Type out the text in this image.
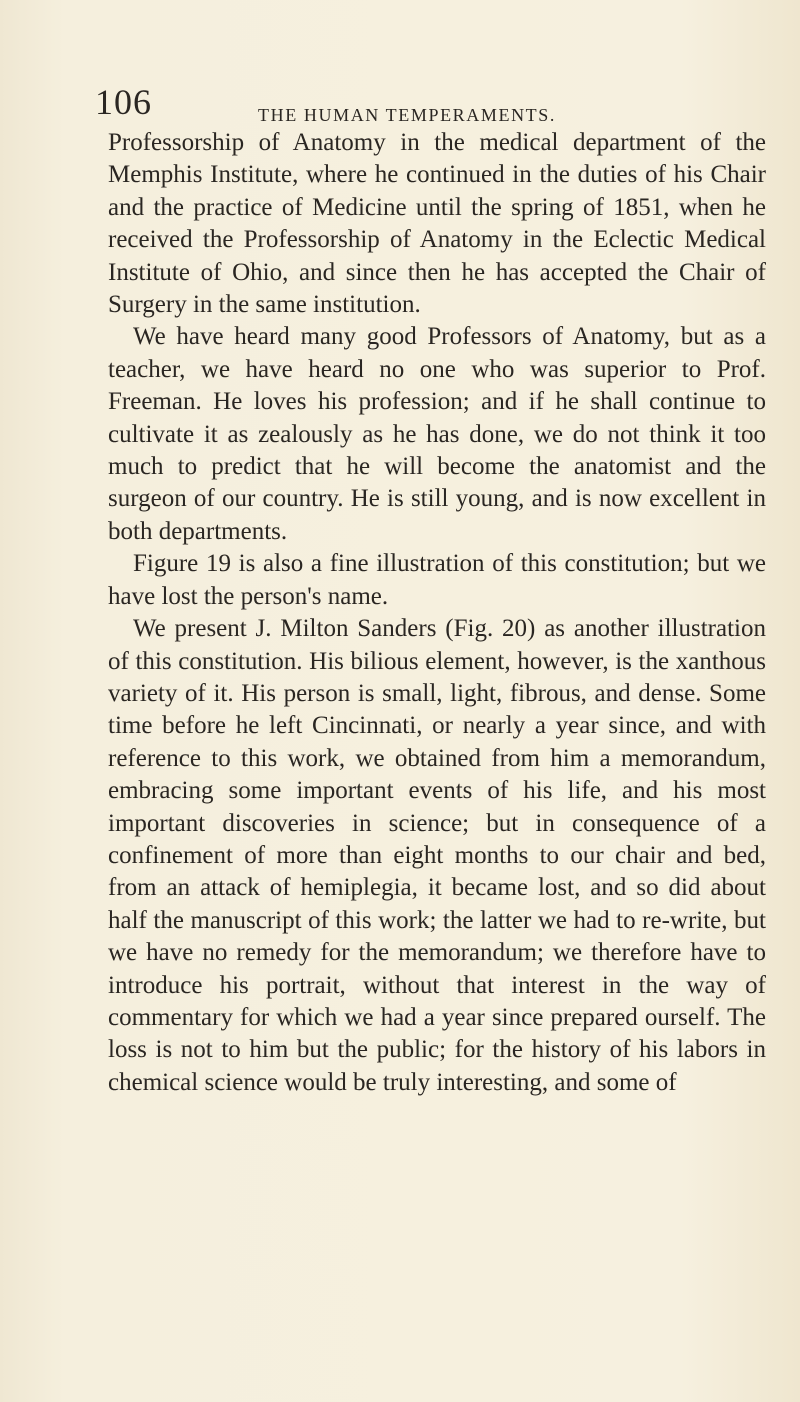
106	THE HUMAN TEMPERAMENTS.

Professorship of Anatomy in the medical department of the Memphis Institute, where he continued in the duties of his Chair and the practice of Medicine until the spring of 1851, when he received the Professorship of Anatomy in the Eclectic Medical Institute of Ohio, and since then he has accepted the Chair of Surgery in the same institution.

We have heard many good Professors of Anatomy, but as a teacher, we have heard no one who was superior to Prof. Freeman. He loves his profession; and if he shall continue to cultivate it as zealously as he has done, we do not think it too much to predict that he will become the anatomist and the surgeon of our country. He is still young, and is now excellent in both departments.

Figure 19 is also a fine illustration of this constitution; but we have lost the person's name.

We present J. Milton Sanders (Fig. 20) as another illustration of this constitution. His bilious element, however, is the xanthous variety of it. His person is small, light, fibrous, and dense. Some time before he left Cincinnati, or nearly a year since, and with reference to this work, we obtained from him a memorandum, embracing some important events of his life, and his most important discoveries in science; but in consequence of a confinement of more than eight months to our chair and bed, from an attack of hemiplegia, it became lost, and so did about half the manuscript of this work; the latter we had to re-write, but we have no remedy for the memorandum; we therefore have to introduce his portrait, without that interest in the way of commentary for which we had a year since prepared ourself. The loss is not to him but the public; for the history of his labors in chemical science would be truly interesting, and some of
